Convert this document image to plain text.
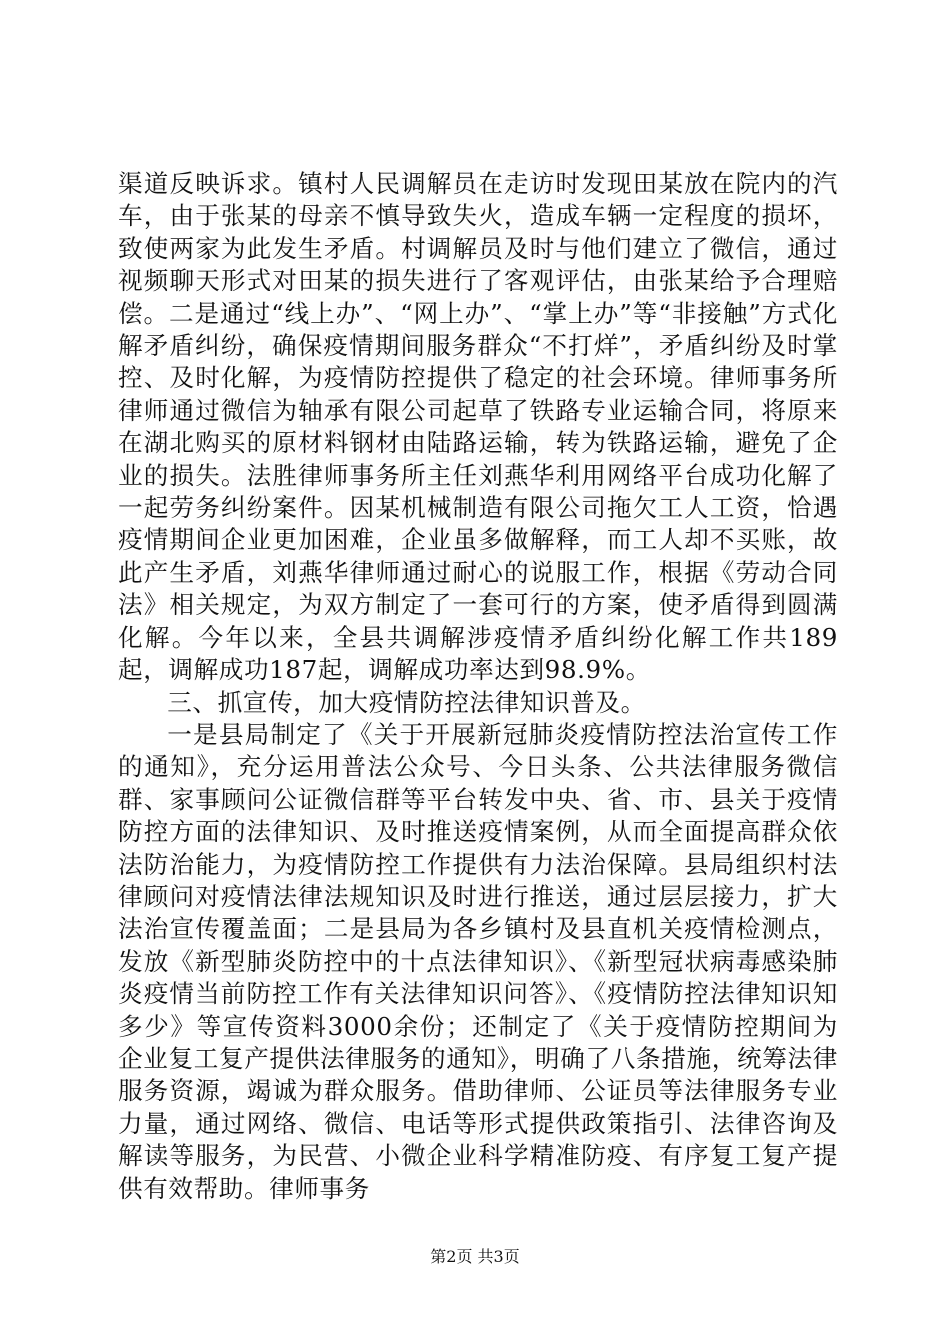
渠道反映诉求。镇村人民调解员在走访时发现田某放在院内的汽车，由于张某的母亲不慎导致失火，造成车辆一定程度的损坏，致使两家为此发生矛盾。村调解员及时与他们建立了微信，通过视频聊天形式对田某的损失进行了客观评估，由张某给予合理赔偿。二是通过“线上办”、“网上办”、“掌上办”等“非接触”方式化解矛盾纠纷，确保疫情期间服务群众“不打烊”，矛盾纠纷及时掌控、及时化解，为疫情防控提供了稳定的社会环境。律师事务所律师通过微信为轴承有限公司起草了铁路专业运输合同，将原来在湖北购买的原材料钢材由陆路运输，转为铁路运输，避免了企业的损失。法胜律师事务所主任刘燕华利用网络平台成功化解了一起劳务纠纷案件。因某机械制造有限公司拖欠工人工资，恰遇疫情期间企业更加困难，企业虽多做解释，而工人却不买账，故此产生矛盾，刘燕华律师通过耐心的说服工作，根据《劳动合同法》相关规定，为双方制定了一套可行的方案，使矛盾得到圆满化解。今年以来，全县共调解涉疫情矛盾纠纷化解工作共189起，调解成功187起，调解成功率达到98.9%。

三、抓宣传，加大疫情防控法律知识普及。

一是县局制定了《关于开展新冠肺炎疫情防控法治宣传工作的通知》，充分运用普法公众号、今日头条、公共法律服务微信群、家事顾问公证微信群等平台转发中央、省、市、县关于疫情防控方面的法律知识、及时推送疫情案例，从而全面提高群众依法防治能力，为疫情防控工作提供有力法治保障。县局组织村法律顾问对疫情法律法规知识及时进行推送，通过层层接力，扩大法治宣传覆盖面；二是县局为各乡镇村及县直机关疫情检测点，发放《新型肺炎防控中的十点法律知识》、《新型冠状病毒感染肺炎疫情当前防控工作有关法律知识问答》、《疫情防控法律知识知多少》等宣传资料3000余份；还制定了《关于疫情防控期间为企业复工复产提供法律服务的通知》，明确了八条措施，统筹法律服务资源，竭诚为群众服务。借助律师、公证员等法律服务专业力量，通过网络、微信、电话等形式提供政策指引、法律咨询及解读等服务，为民营、小微企业科学精准防疫、有序复工复产提供有效帮助。律师事务

第2页 共3页
